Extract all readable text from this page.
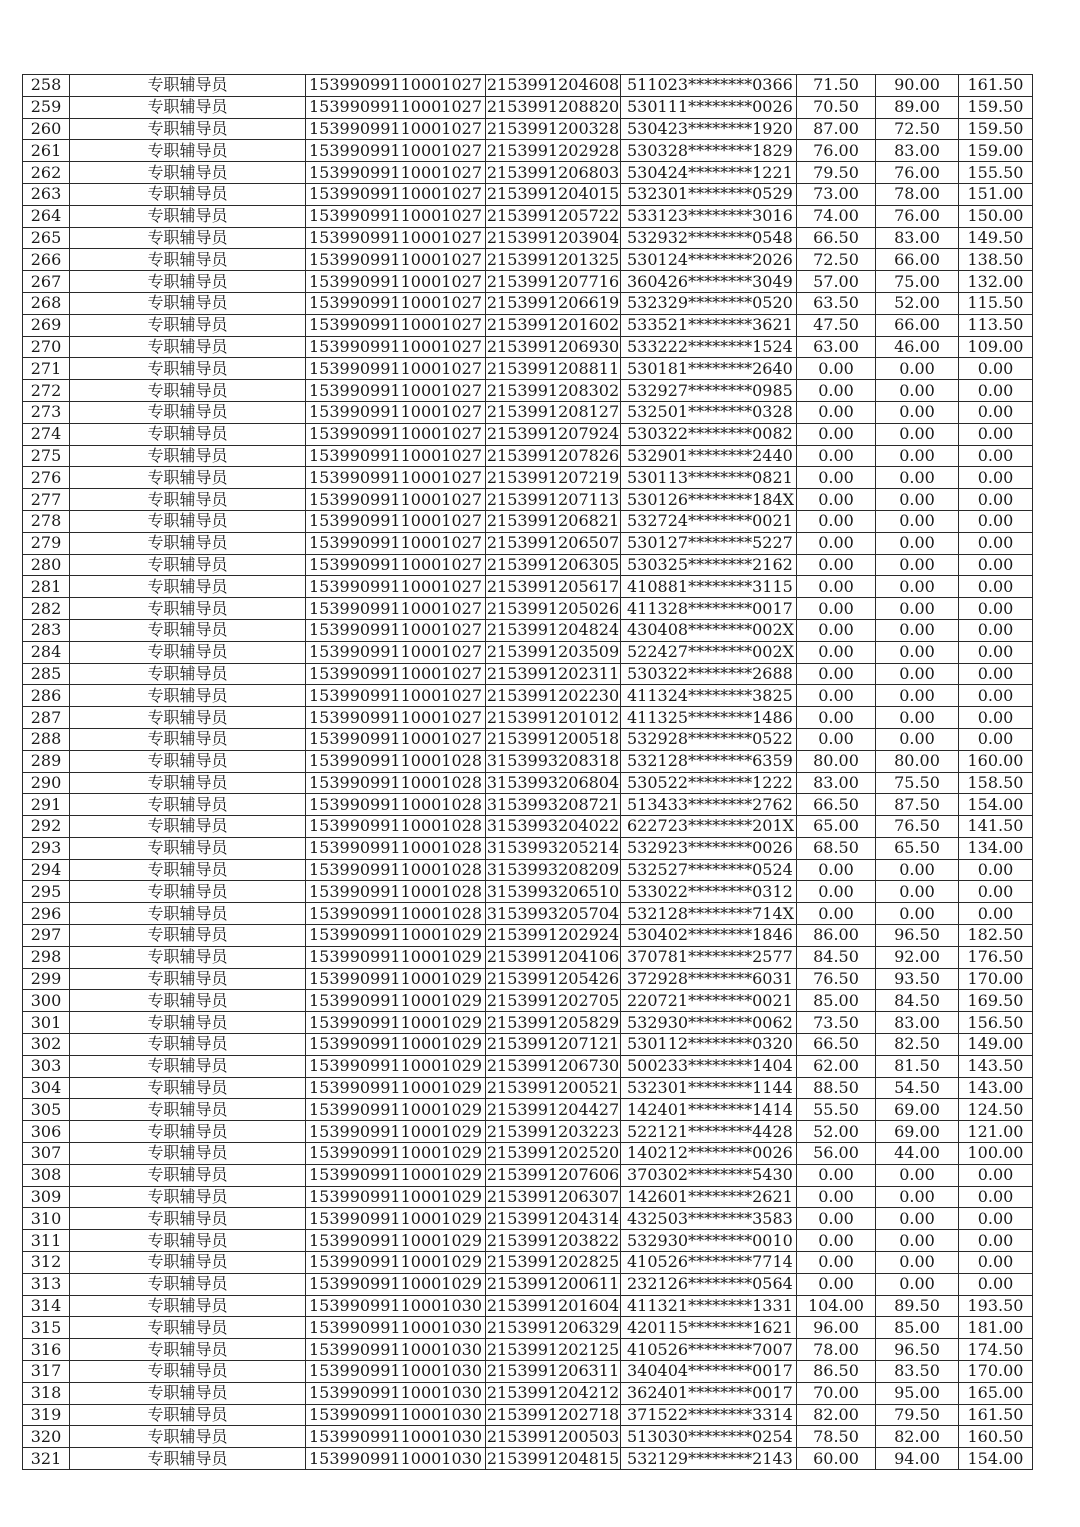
258	专职辅导员	15399099110001027	2153991204608	511023********0366	71.50	90.00	161.50
259	专职辅导员	15399099110001027	2153991208820	530111********0026	70.50	89.00	159.50
260	专职辅导员	15399099110001027	2153991200328	530423********1920	87.00	72.50	159.50
261	专职辅导员	15399099110001027	2153991202928	530328********1829	76.00	83.00	159.00
262	专职辅导员	15399099110001027	2153991206803	530424********1221	79.50	76.00	155.50
263	专职辅导员	15399099110001027	2153991204015	532301********0529	73.00	78.00	151.00
264	专职辅导员	15399099110001027	2153991205722	533123********3016	74.00	76.00	150.00
265	专职辅导员	15399099110001027	2153991203904	532932********0548	66.50	83.00	149.50
266	专职辅导员	15399099110001027	2153991201325	530124********2026	72.50	66.00	138.50
267	专职辅导员	15399099110001027	2153991207716	360426********3049	57.00	75.00	132.00
268	专职辅导员	15399099110001027	2153991206619	532329********0520	63.50	52.00	115.50
269	专职辅导员	15399099110001027	2153991201602	533521********3621	47.50	66.00	113.50
270	专职辅导员	15399099110001027	2153991206930	533222********1524	63.00	46.00	109.00
271	专职辅导员	15399099110001027	2153991208811	530181********2640	0.00	0.00	0.00
272	专职辅导员	15399099110001027	2153991208302	532927********0985	0.00	0.00	0.00
273	专职辅导员	15399099110001027	2153991208127	532501********0328	0.00	0.00	0.00
274	专职辅导员	15399099110001027	2153991207924	530322********0082	0.00	0.00	0.00
275	专职辅导员	15399099110001027	2153991207826	532901********2440	0.00	0.00	0.00
276	专职辅导员	15399099110001027	2153991207219	530113********0821	0.00	0.00	0.00
277	专职辅导员	15399099110001027	2153991207113	530126********184X	0.00	0.00	0.00
278	专职辅导员	15399099110001027	2153991206821	532724********0021	0.00	0.00	0.00
279	专职辅导员	15399099110001027	2153991206507	530127********5227	0.00	0.00	0.00
280	专职辅导员	15399099110001027	2153991206305	530325********2162	0.00	0.00	0.00
281	专职辅导员	15399099110001027	2153991205617	410881********3115	0.00	0.00	0.00
282	专职辅导员	15399099110001027	2153991205026	411328********0017	0.00	0.00	0.00
283	专职辅导员	15399099110001027	2153991204824	430408********002X	0.00	0.00	0.00
284	专职辅导员	15399099110001027	2153991203509	522427********002X	0.00	0.00	0.00
285	专职辅导员	15399099110001027	2153991202311	530322********2688	0.00	0.00	0.00
286	专职辅导员	15399099110001027	2153991202230	411324********3825	0.00	0.00	0.00
287	专职辅导员	15399099110001027	2153991201012	411325********1486	0.00	0.00	0.00
288	专职辅导员	15399099110001027	2153991200518	532928********0522	0.00	0.00	0.00
289	专职辅导员	15399099110001028	3153993208318	532128********6359	80.00	80.00	160.00
290	专职辅导员	15399099110001028	3153993206804	530522********1222	83.00	75.50	158.50
291	专职辅导员	15399099110001028	3153993208721	513433********2762	66.50	87.50	154.00
292	专职辅导员	15399099110001028	3153993204022	622723********201X	65.00	76.50	141.50
293	专职辅导员	15399099110001028	3153993205214	532923********0026	68.50	65.50	134.00
294	专职辅导员	15399099110001028	3153993208209	532527********0524	0.00	0.00	0.00
295	专职辅导员	15399099110001028	3153993206510	533022********0312	0.00	0.00	0.00
296	专职辅导员	15399099110001028	3153993205704	532128********714X	0.00	0.00	0.00
297	专职辅导员	15399099110001029	2153991202924	530402********1846	86.00	96.50	182.50
298	专职辅导员	15399099110001029	2153991204106	370781********2577	84.50	92.00	176.50
299	专职辅导员	15399099110001029	2153991205426	372928********6031	76.50	93.50	170.00
300	专职辅导员	15399099110001029	2153991202705	220721********0021	85.00	84.50	169.50
301	专职辅导员	15399099110001029	2153991205829	532930********0062	73.50	83.00	156.50
302	专职辅导员	15399099110001029	2153991207121	530112********0320	66.50	82.50	149.00
303	专职辅导员	15399099110001029	2153991206730	500233********1404	62.00	81.50	143.50
304	专职辅导员	15399099110001029	2153991200521	532301********1144	88.50	54.50	143.00
305	专职辅导员	15399099110001029	2153991204427	142401********1414	55.50	69.00	124.50
306	专职辅导员	15399099110001029	2153991203223	522121********4428	52.00	69.00	121.00
307	专职辅导员	15399099110001029	2153991202520	140212********0026	56.00	44.00	100.00
308	专职辅导员	15399099110001029	2153991207606	370302********5430	0.00	0.00	0.00
309	专职辅导员	15399099110001029	2153991206307	142601********2621	0.00	0.00	0.00
310	专职辅导员	15399099110001029	2153991204314	432503********3583	0.00	0.00	0.00
311	专职辅导员	15399099110001029	2153991203822	532930********0010	0.00	0.00	0.00
312	专职辅导员	15399099110001029	2153991202825	410526********7714	0.00	0.00	0.00
313	专职辅导员	15399099110001029	2153991200611	232126********0564	0.00	0.00	0.00
314	专职辅导员	15399099110001030	2153991201604	411321********1331	104.00	89.50	193.50
315	专职辅导员	15399099110001030	2153991206329	420115********1621	96.00	85.00	181.00
316	专职辅导员	15399099110001030	2153991202125	410526********7007	78.00	96.50	174.50
317	专职辅导员	15399099110001030	2153991206311	340404********0017	86.50	83.50	170.00
318	专职辅导员	15399099110001030	2153991204212	362401********0017	70.00	95.00	165.00
319	专职辅导员	15399099110001030	2153991202718	371522********3314	82.00	79.50	161.50
320	专职辅导员	15399099110001030	2153991200503	513030********0254	78.50	82.00	160.50
321	专职辅导员	15399099110001030	2153991204815	532129********2143	60.00	94.00	154.00
